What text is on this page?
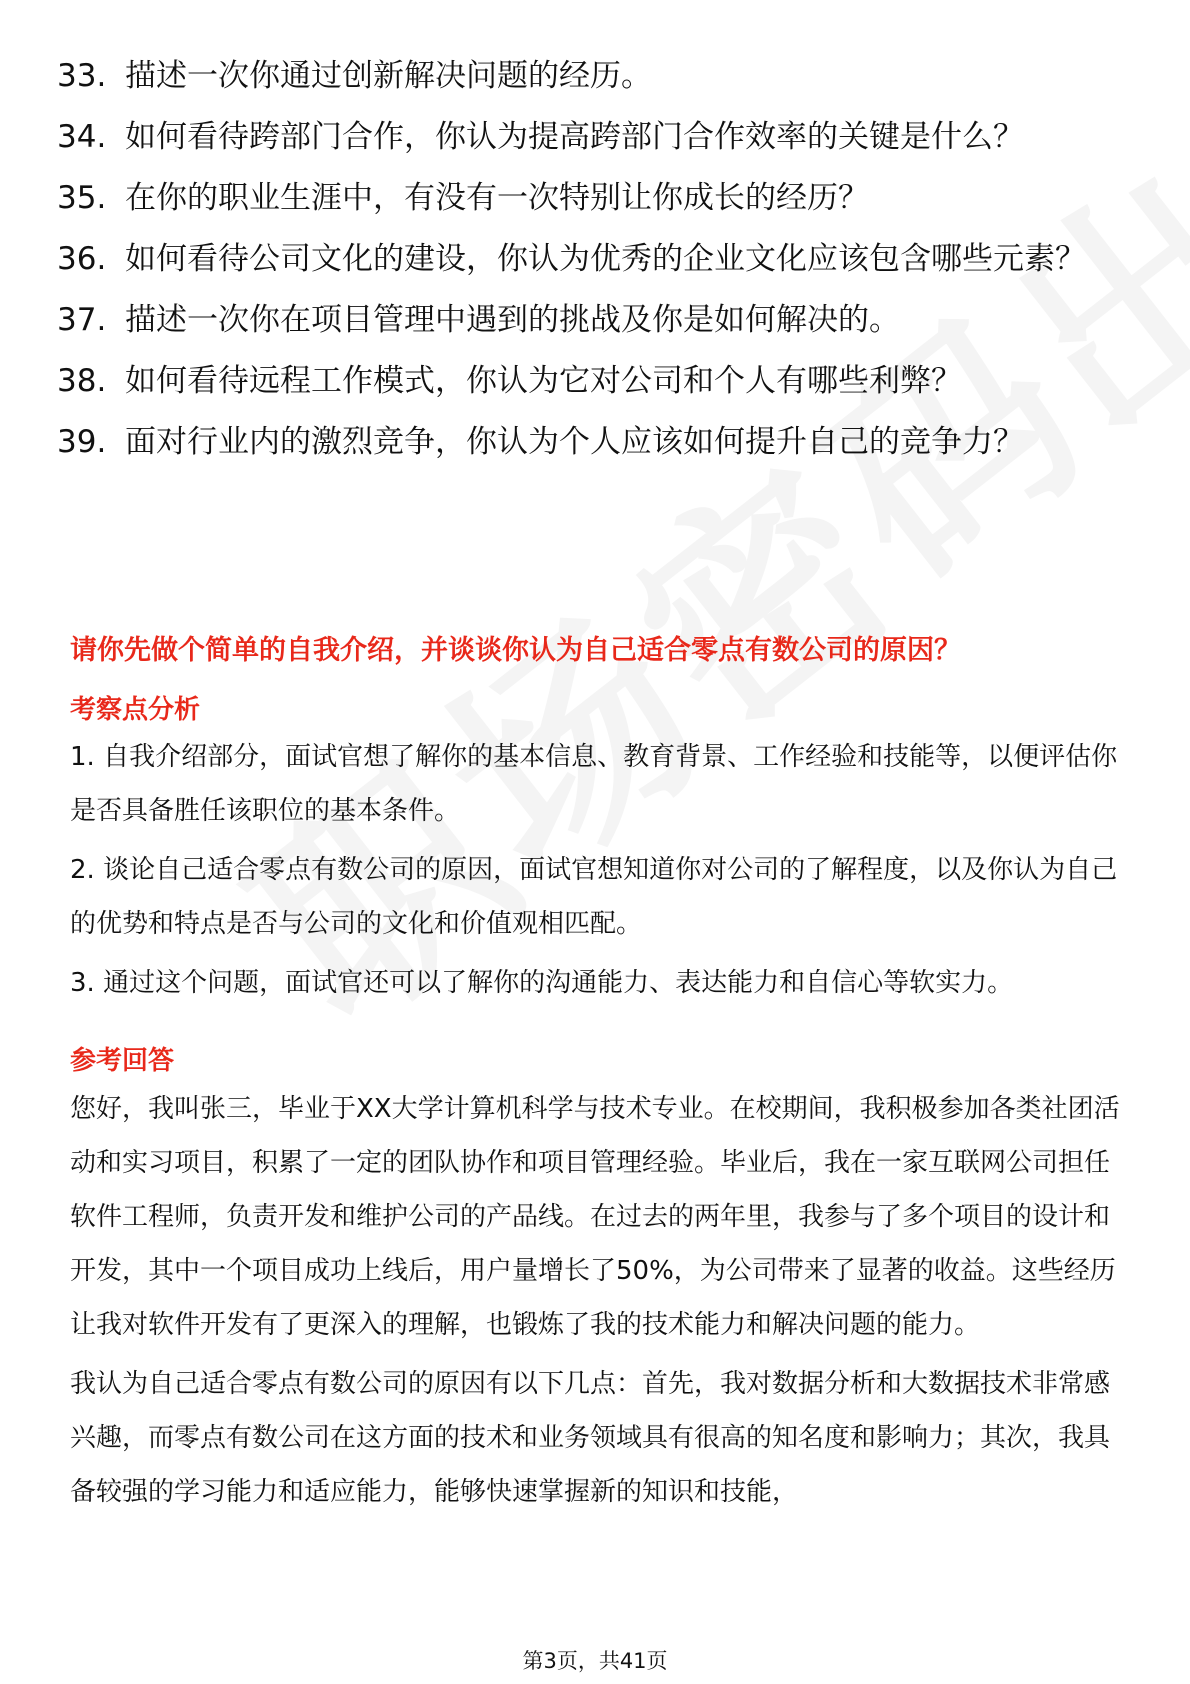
33. 描述一次你通过创新解决问题的经历。
34. 如何看待跨部门合作，你认为提高跨部门合作效率的关键是什么？
35. 在你的职业生涯中，有没有一次特别让你成长的经历？
36. 如何看待公司文化的建设，你认为优秀的企业文化应该包含哪些元素？
37. 描述一次你在项目管理中遇到的挑战及你是如何解决的。
38. 如何看待远程工作模式，你认为它对公司和个人有哪些利弊？
39. 面对行业内的激烈竞争，你认为个人应该如何提升自己的竞争力？
请你先做个简单的自我介绍，并谈谈你认为自己适合零点有数公司的原因？
考察点分析

1. 自我介绍部分，面试官想了解你的基本信息、教育背景、工作经验和技能等，以便评估你是否具备胜任该职位的基本条件。

2. 谈论自己适合零点有数公司的原因，面试官想知道你对公司的了解程度，以及你认为自己的优势和特点是否与公司的文化和价值观相匹配。

3. 通过这个问题，面试官还可以了解你的沟通能力、表达能力和自信心等软实力。

参考回答

您好，我叫张三，毕业于XX大学计算机科学与技术专业。在校期间，我积极参加各类社团活动和实习项目，积累了一定的团队协作和项目管理经验。毕业后，我在一家互联网公司担任软件工程师，负责开发和维护公司的产品线。在过去的两年里，我参与了多个项目的设计和开发，其中一个项目成功上线后，用户量增长了50%，为公司带来了显著的收益。这些经历让我对软件开发有了更深入的理解，也锻炼了我的技术能力和解决问题的能力。

我认为自己适合零点有数公司的原因有以下几点：首先，我对数据分析和大数据技术非常感兴趣，而零点有数公司在这方面的技术和业务领域具有很高的知名度和影响力；其次，我具备较强的学习能力和适应能力，能够快速掌握新的知识和技能，

第3页，共41页
